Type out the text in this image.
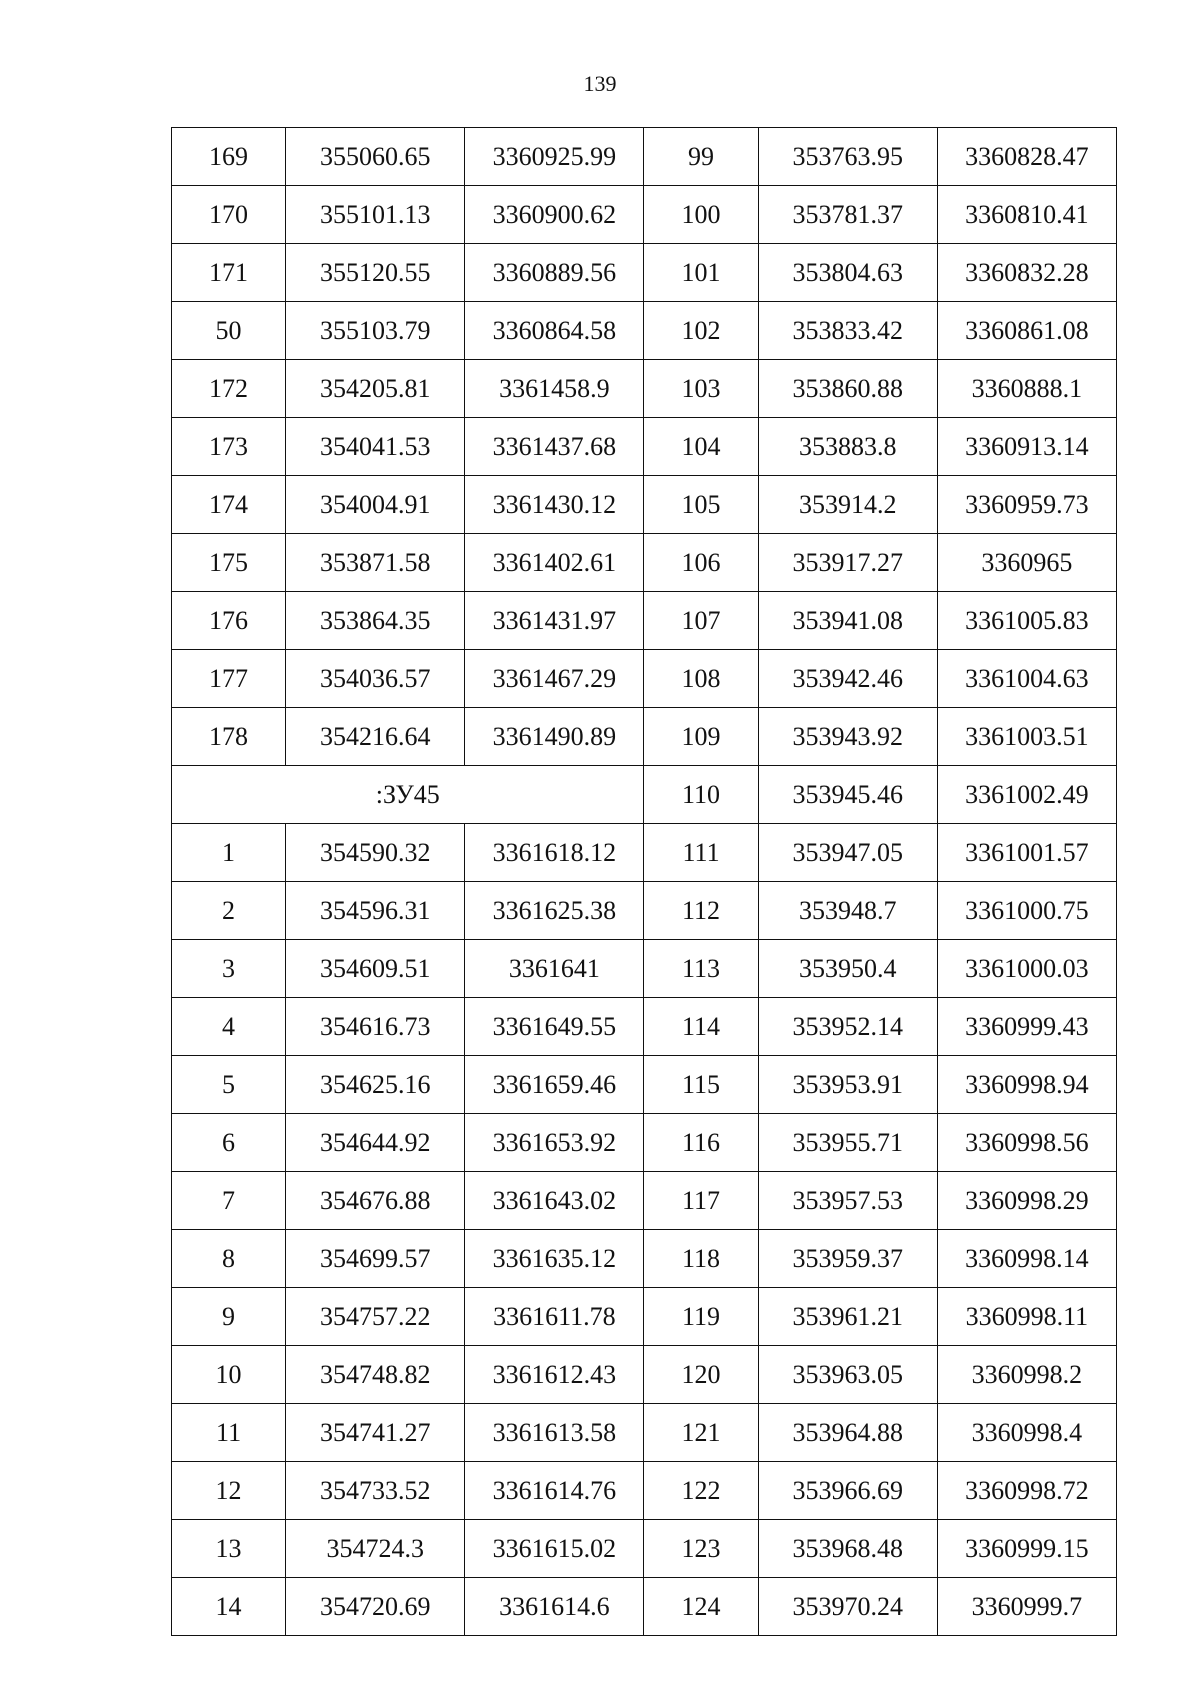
139
169	355060.65	3360925.99	99	353763.95	3360828.47
170	355101.13	3360900.62	100	353781.37	3360810.41
171	355120.55	3360889.56	101	353804.63	3360832.28
50	355103.79	3360864.58	102	353833.42	3360861.08
172	354205.81	3361458.9	103	353860.88	3360888.1
173	354041.53	3361437.68	104	353883.8	3360913.14
174	354004.91	3361430.12	105	353914.2	3360959.73
175	353871.58	3361402.61	106	353917.27	3360965
176	353864.35	3361431.97	107	353941.08	3361005.83
177	354036.57	3361467.29	108	353942.46	3361004.63
178	354216.64	3361490.89	109	353943.92	3361003.51
:ЗУ45			110	353945.46	3361002.49
1	354590.32	3361618.12	111	353947.05	3361001.57
2	354596.31	3361625.38	112	353948.7	3361000.75
3	354609.51	3361641	113	353950.4	3361000.03
4	354616.73	3361649.55	114	353952.14	3360999.43
5	354625.16	3361659.46	115	353953.91	3360998.94
6	354644.92	3361653.92	116	353955.71	3360998.56
7	354676.88	3361643.02	117	353957.53	3360998.29
8	354699.57	3361635.12	118	353959.37	3360998.14
9	354757.22	3361611.78	119	353961.21	3360998.11
10	354748.82	3361612.43	120	353963.05	3360998.2
11	354741.27	3361613.58	121	353964.88	3360998.4
12	354733.52	3361614.76	122	353966.69	3360998.72
13	354724.3	3361615.02	123	353968.48	3360999.15
14	354720.69	3361614.6	124	353970.24	3360999.7
